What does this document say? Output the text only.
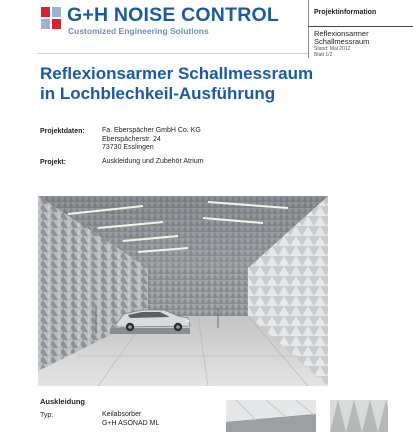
G+H NOISE CONTROL
Customized Engineering Solutions
Projektinformation
Reflexionsarmer
Schallmessraum
Stand: Mai 2012
Blatt 1/2
Reflexionsarmer Schallmessraum
in Lochblechkeil-Ausführung
Projektdaten: Fa. Eberspächer GmbH Co. KG
Eberspächerstr. 24
73730 Esslingen
Projekt:	Auskleidung und Zubehör Atrium
Auskleidung
Typ:	Keilabsorber
G+H ASONAD ML
